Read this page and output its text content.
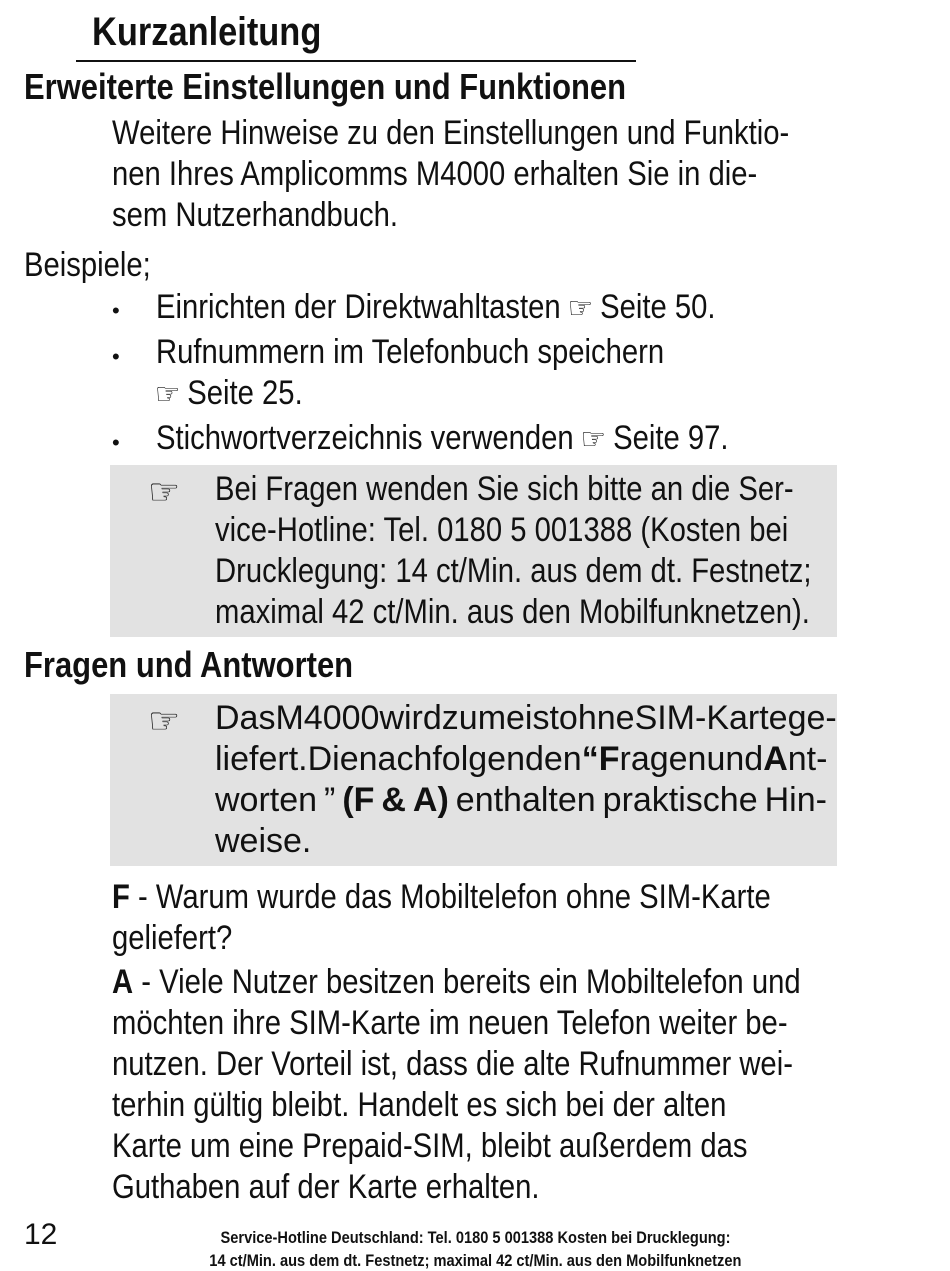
Kurzanleitung
Erweiterte Einstellungen und Funktionen
Weitere Hinweise zu den Einstellungen und Funktio-
nen Ihres Amplicomms M4000 erhalten Sie in die-
sem Nutzerhandbuch.
Beispiele;
• Einrichten der Direktwahltasten ☞ Seite 50.
• Rufnummern im Telefonbuch speichern
☞ Seite 25.
• Stichwortverzeichnis verwenden ☞ Seite 97.
☞ Bei Fragen wenden Sie sich bitte an die Ser-
vice-Hotline: Tel. 0180 5 001388 (Kosten bei
Drucklegung: 14 ct/Min. aus dem dt. Festnetz;
maximal 42 ct/Min. aus den Mobilfunknetzen).
Fragen und Antworten
☞ Das M4000 wird zumeist ohne SIM-Karte ge-
liefert. Die nachfolgenden “Fragen und Ant-
worten ” (F & A) enthalten praktische Hin-
weise.
F - Warum wurde das Mobiltelefon ohne SIM-Karte
geliefert?
A - Viele Nutzer besitzen bereits ein Mobiltelefon und
möchten ihre SIM-Karte im neuen Telefon weiter be-
nutzen. Der Vorteil ist, dass die alte Rufnummer wei-
terhin gültig bleibt. Handelt es sich bei der alten
Karte um eine Prepaid-SIM, bleibt außerdem das
Guthaben auf der Karte erhalten.
12	Service-Hotline Deutschland: Tel. 0180 5 001388 Kosten bei Drucklegung:
14 ct/Min. aus dem dt. Festnetz; maximal 42 ct/Min. aus den Mobilfunknetzen
